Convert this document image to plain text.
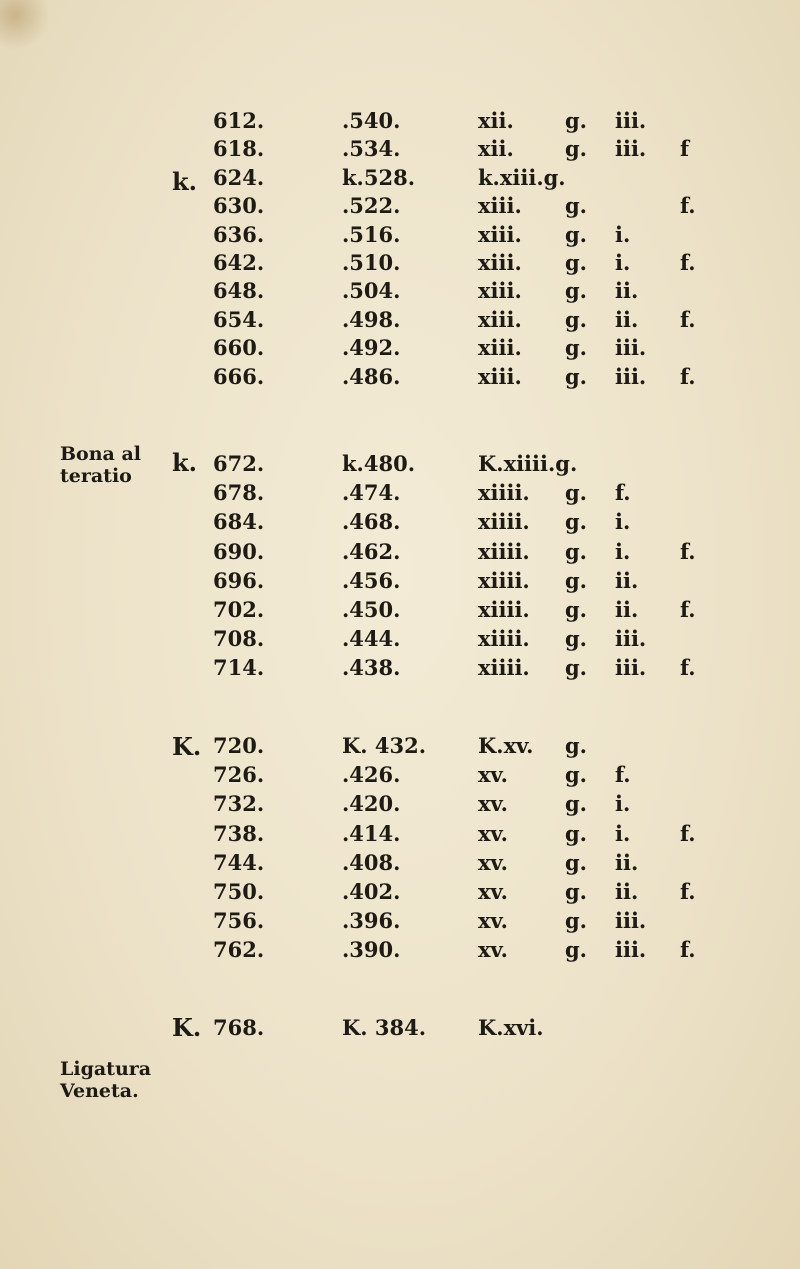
Bona al
teratio
Ligatura
Veneta.
k.
k.
K.
K.
612.	.540.	xii. g. iii.
618.	.534.	xii. g. iii. f
624.	k.528.	k.xiii.g.
630.	.522.	xiii. g.	f.
636.	.516.	xiii. g. i.
642.	.510.	xiii. g. i. f.
648.	.504.	xiii. g. ii.
654.	.498.	xiii. g. ii. f.
660.	.492.	xiii. g. iii.
666.	.486.	xiii. g. iii. f.
672.	k.480.	K.xiiii.g.
678.	.474.	xiiii. g. f.
684.	.468.	xiiii. g. i.
690.	.462.	xiiii. g. i. f.
696.	.456.	xiiii. g. ii.
702.	.450.	xiiii. g. ii. f.
708.	.444.	xiiii. g. iii.
714.	.438.	xiiii. g. iii. f.
720.	K. 432. K.xv. g.
726.	.426.	xv.	g. f.
732.	.420.	xv.	g. i.
738.	.414.	xv.	g. i. f.
744.	.408.	xv.	g. ii.
750.	.402.	xv.	g. ii. f.
756.	.396.	xv.	g. iii.
762.	.390.	xv.	g. iii. f.
768.	K. 384. K.xvi.
